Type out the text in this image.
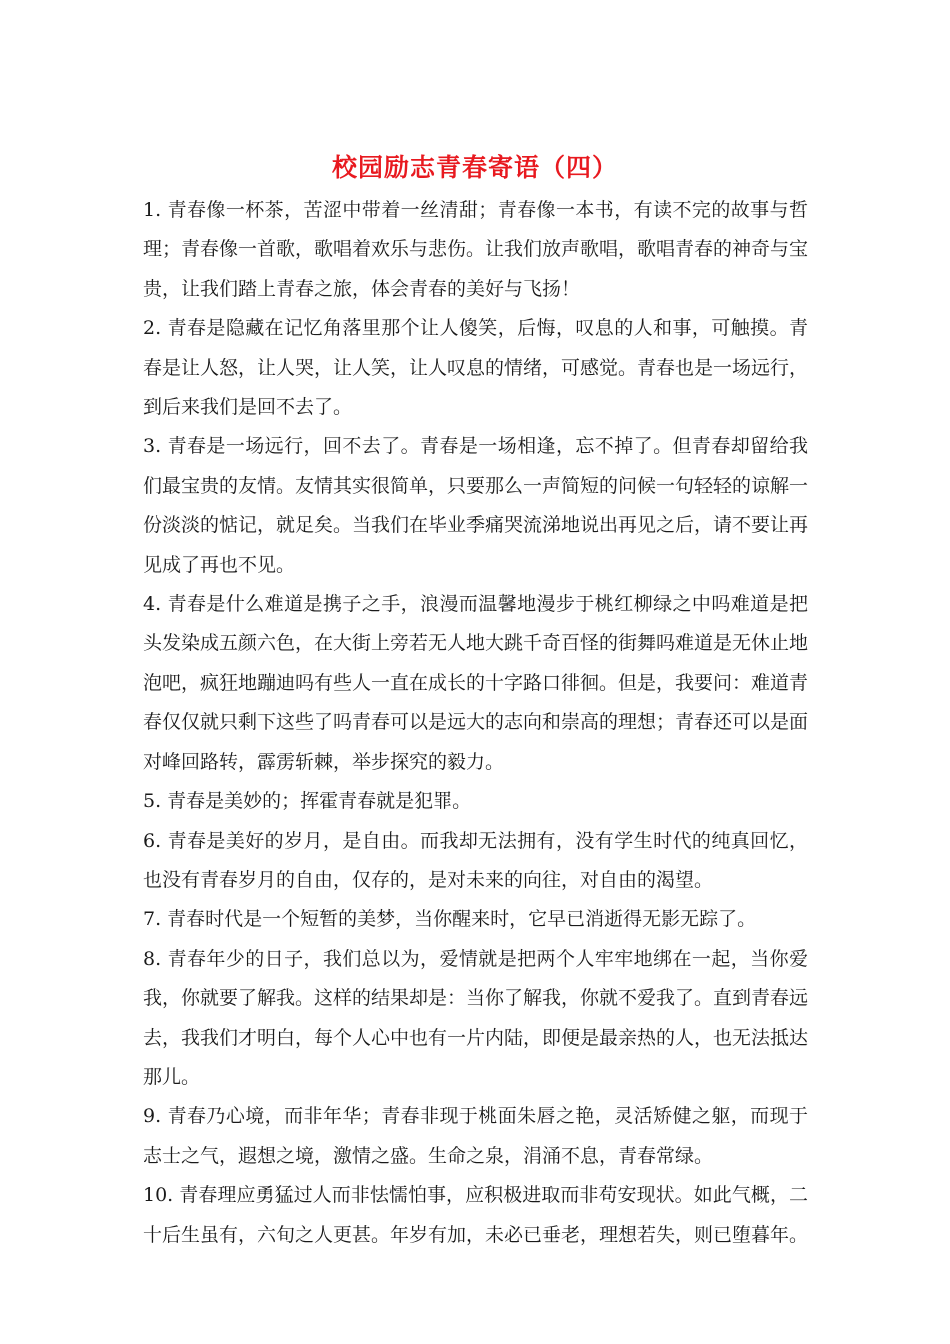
校园励志青春寄语（四）

1. 青春像一杯茶，苦涩中带着一丝清甜；青春像一本书，有读不完的故事与哲理；青春像一首歌，歌唱着欢乐与悲伤。让我们放声歌唱，歌唱青春的神奇与宝贵，让我们踏上青春之旅，体会青春的美好与飞扬！

2. 青春是隐藏在记忆角落里那个让人傻笑，后悔，叹息的人和事，可触摸。青春是让人怒，让人哭，让人笑，让人叹息的情绪，可感觉。青春也是一场远行，到后来我们是回不去了。

3. 青春是一场远行，回不去了。青春是一场相逢，忘不掉了。但青春却留给我们最宝贵的友情。友情其实很简单，只要那么一声简短的问候一句轻轻的谅解一份淡淡的惦记，就足矣。当我们在毕业季痛哭流涕地说出再见之后，请不要让再见成了再也不见。

4. 青春是什么难道是携子之手，浪漫而温馨地漫步于桃红柳绿之中吗难道是把头发染成五颜六色，在大街上旁若无人地大跳千奇百怪的街舞吗难道是无休止地泡吧，疯狂地蹦迪吗有些人一直在成长的十字路口徘徊。但是，我要问：难道青春仅仅就只剩下这些了吗青春可以是远大的志向和崇高的理想；青春还可以是面对峰回路转，霹雳斩棘，举步探究的毅力。

5. 青春是美妙的；挥霍青春就是犯罪。

6. 青春是美好的岁月，是自由。而我却无法拥有，没有学生时代的纯真回忆，也没有青春岁月的自由，仅存的，是对未来的向往，对自由的渴望。

7. 青春时代是一个短暂的美梦，当你醒来时，它早已消逝得无影无踪了。

8. 青春年少的日子，我们总以为，爱情就是把两个人牢牢地绑在一起，当你爱我，你就要了解我。这样的结果却是：当你了解我，你就不爱我了。直到青春远去，我我们才明白，每个人心中也有一片内陆，即便是最亲热的人，也无法抵达那儿。

9. 青春乃心境，而非年华；青春非现于桃面朱唇之艳，灵活矫健之躯，而现于志士之气，遐想之境，激情之盛。生命之泉，涓涌不息，青春常绿。

10. 青春理应勇猛过人而非怯懦怕事，应积极进取而非苟安现状。如此气概，二十后生虽有，六旬之人更甚。年岁有加，未必已垂老，理想若失，则已堕暮年。
